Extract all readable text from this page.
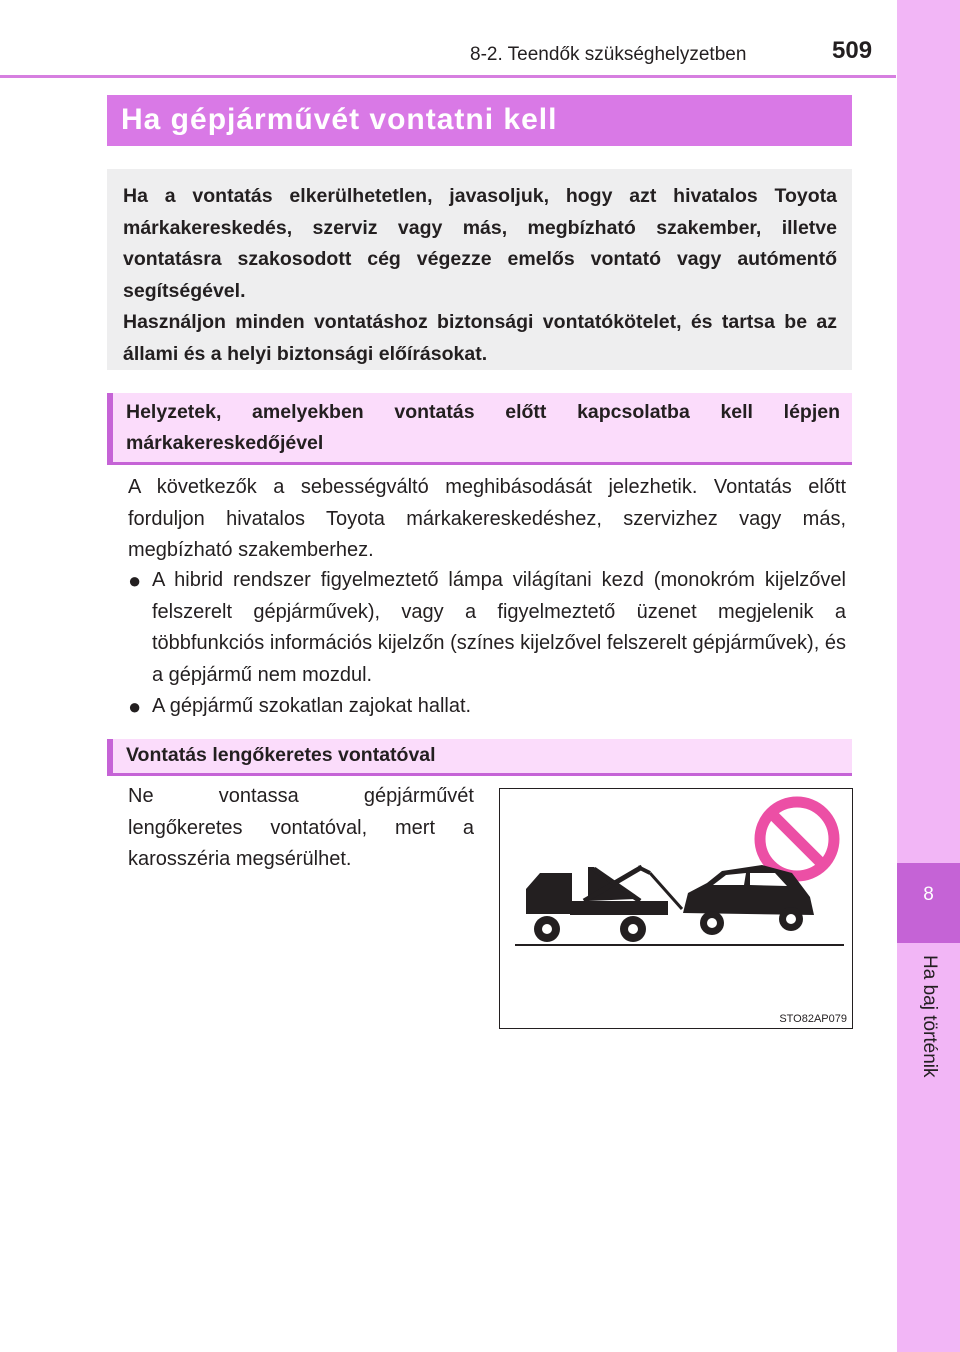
8-2. Teendők szükséghelyzetben	509
8
Ha baj történik
Ha gépjárművét vontatni kell
Ha a vontatás elkerülhetetlen, javasoljuk, hogy azt hivatalos Toyota márkakereskedés, szerviz vagy más, megbízható szakember, illetve vontatásra szakosodott cég végezze emelős vontató vagy autómentő segítségével.
Használjon minden vontatáshoz biztonsági vontatókötelet, és tartsa be az állami és a helyi biztonsági előírásokat.
Helyzetek, amelyekben vontatás előtt kapcsolatba kell lépjen márkakereskedőjével
A következők a sebességváltó meghibásodását jelezhetik. Vontatás előtt forduljon hivatalos Toyota márkakereskedéshez, szervizhez vagy más, megbízható szakemberhez.
● A hibrid rendszer figyelmeztető lámpa világítani kezd (monokróm kijelzővel felszerelt gépjárművek), vagy a figyelmeztető üzenet megjelenik a többfunkciós információs kijelzőn (színes kijelzővel felszerelt gépjárművek), és a gépjármű nem mozdul.
● A gépjármű szokatlan zajokat hallat.
Vontatás lengőkeretes vontatóval
Ne vontassa gépjárművét lengőkeretes vontatóval, mert a karosszéria megsérülhet.
STO82AP079
